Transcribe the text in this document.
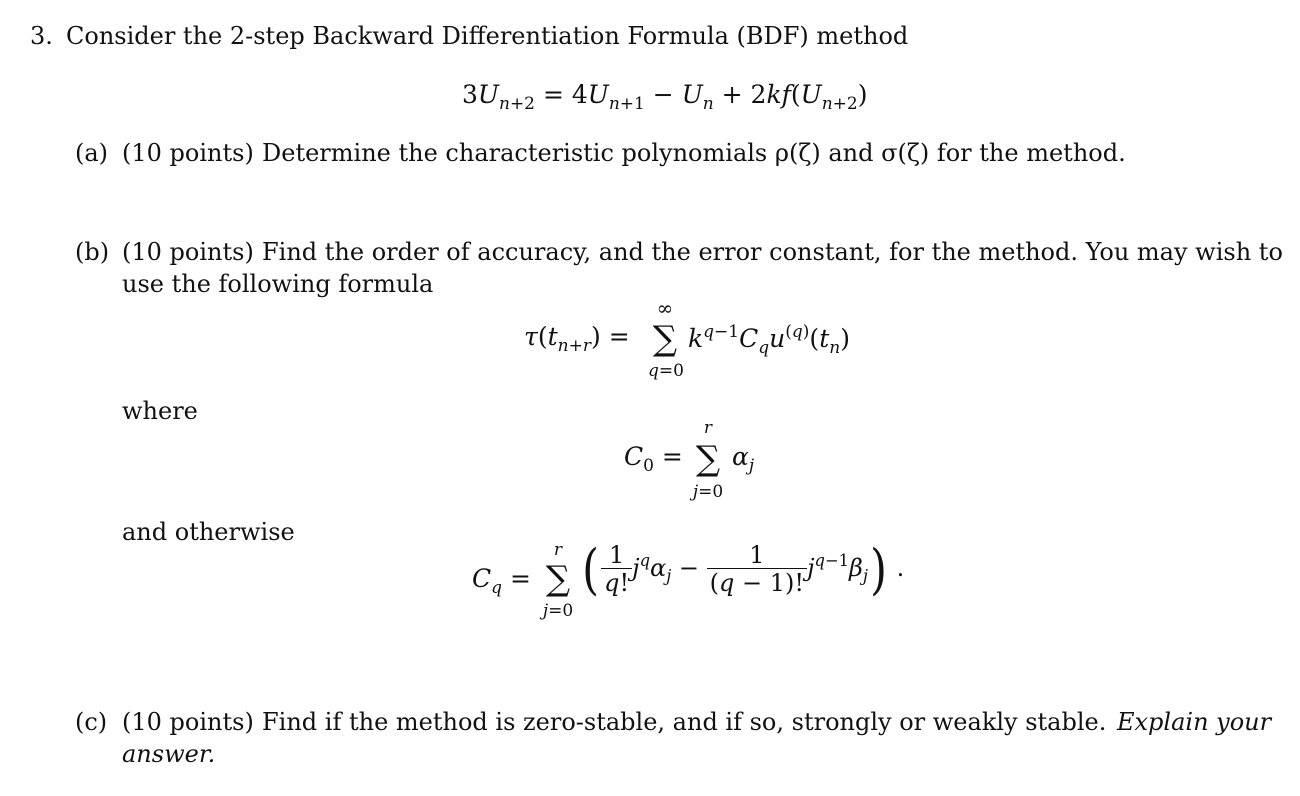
3. Consider the 2-step Backward Differentiation Formula (BDF) method
$3U_{n+2} = 4U_{n+1} - U_n + 2kf(U_{n+2})$
(a) (10 points) Determine the characteristic polynomials ρ(ζ) and σ(ζ) for the method.
(b) (10 points) Find the order of accuracy, and the error constant, for the method. You may wish to
use the following formula
$\tau(t_{n+r})$ =
∞
∑
q=0
$k^{q-1}C_qu^{(q)}(t_n)$
where
$C_0$ =
r
∑
j=0
$\alpha_j$
and otherwise
$C_q$ =
r
∑
j=0
( $\frac{1}{q!} j^q\alpha_j - \frac{1}{(q - 1)!} j^{q-1}\beta_j$) .
(c) (10 points) Find if the method is zero-stable, and if so, strongly or weakly stable. Explain your
answer.
